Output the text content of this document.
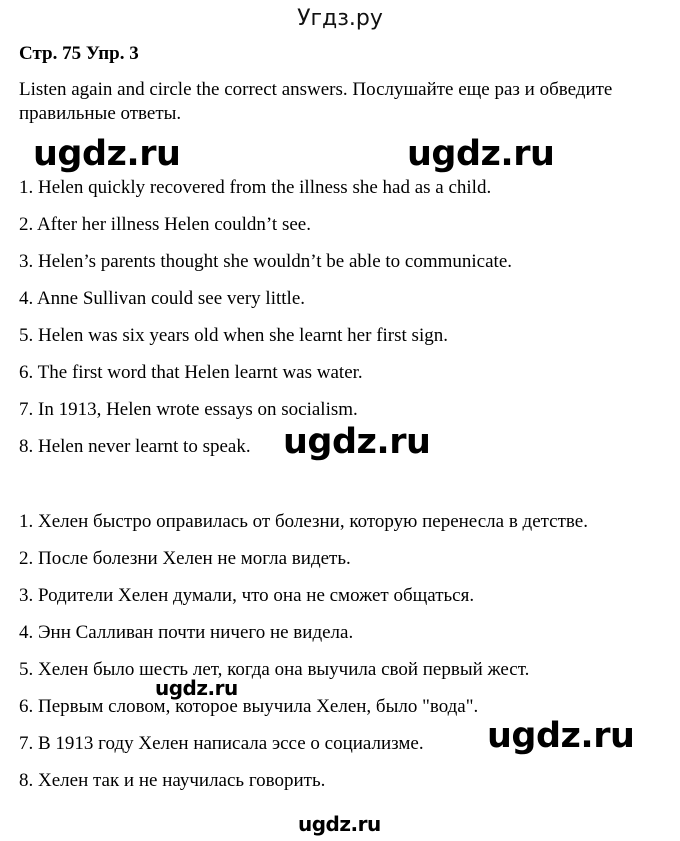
Угдз.ру
Стр. 75 Упр. 3
Listen again and circle the correct answers. Послушайте еще раз и обведите правильные ответы.
ugdz.ru	ugdz.ru
1. Helen quickly recovered from the illness she had as a child.
2. After her illness Helen couldn’t see.
3. Helen’s parents thought she wouldn’t be able to communicate.
4. Anne Sullivan could see very little.
5. Helen was six years old when she learnt her first sign.
6. The first word that Helen learnt was water.
7. In 1913, Helen wrote essays on socialism.
8. Helen never learnt to speak. ugdz.ru
1. Хелен быстро оправилась от болезни, которую перенесла в детстве.
2. После болезни Хелен не могла видеть.
3. Родители Хелен думали, что она не сможет общаться.
4. Энн Салливан почти ничего не видела.
5. Хелен было шесть лет, когда она выучила свой первый жест.
6. Первым словом, которое выучила Хелен, было "вода".
7. В 1913 году Хелен написала эссе о социализме.
8. Хелен так и не научилась говорить.
ugdz.ru
ugdz.ru
ugdz.ru
